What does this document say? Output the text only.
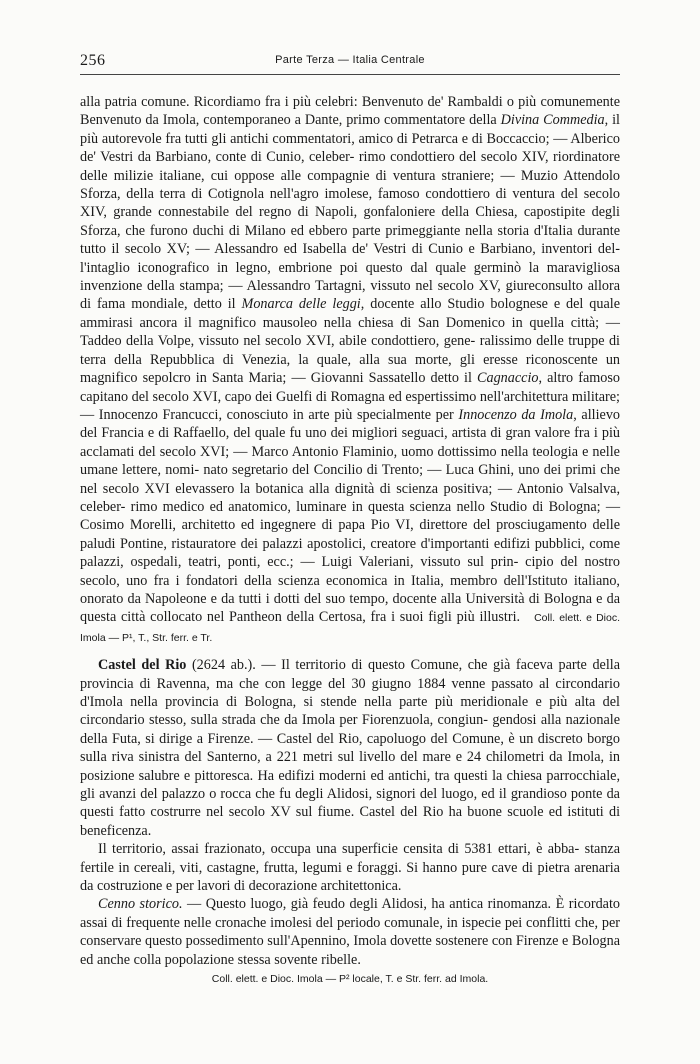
256	Parte Terza — Italia Centrale

alla patria comune. Ricordiamo fra i più celebri: Benvenuto de' Rambaldi o più comunemente Benvenuto da Imola, contemporaneo a Dante, primo commentatore della Divina Commedia, il più autorevole fra tutti gli antichi commentatori, amico di Petrarca e di Boccaccio; — Alberico de' Vestri da Barbiano, conte di Cunio, celeber- rimo condottiero del secolo XIV, riordinatore delle milizie italiane, cui oppose alle compagnie di ventura straniere; — Muzio Attendolo Sforza, della terra di Cotignola nell'agro imolese, famoso condottiero di ventura del secolo XIV, grande connestabile del regno di Napoli, gonfaloniere della Chiesa, capostipite degli Sforza, che furono duchi di Milano ed ebbero parte primeggiante nella storia d'Italia durante tutto il secolo XV; — Alessandro ed Isabella de' Vestri di Cunio e Barbiano, inventori del- l'intaglio iconografico in legno, embrione poi questo dal quale germinò la maravigliosa invenzione della stampa; — Alessandro Tartagni, vissuto nel secolo XV, giureconsulto allora di fama mondiale, detto il Monarca delle leggi, docente allo Studio bolognese e del quale ammirasi ancora il magnifico mausoleo nella chiesa di San Domenico in quella città; — Taddeo della Volpe, vissuto nel secolo XVI, abile condottiero, gene- ralissimo delle truppe di terra della Repubblica di Venezia, la quale, alla sua morte, gli eresse riconoscente un magnifico sepolcro in Santa Maria; — Giovanni Sassatello detto il Cagnaccio, altro famoso capitano del secolo XVI, capo dei Guelfi di Romagna ed espertissimo nell'architettura militare; — Innocenzo Francucci, conosciuto in arte più specialmente per Innocenzo da Imola, allievo del Francia e di Raffaello, del quale fu uno dei migliori seguaci, artista di gran valore fra i più acclamati del secolo XVI; — Marco Antonio Flaminio, uomo dottissimo nella teologia e nelle umane lettere, nomi- nato segretario del Concilio di Trento; — Luca Ghini, uno dei primi che nel secolo XVI elevassero la botanica alla dignità di scienza positiva; — Antonio Valsalva, celeber- rimo medico ed anatomico, luminare in questa scienza nello Studio di Bologna; — Cosimo Morelli, architetto ed ingegnere di papa Pio VI, direttore del prosciugamento delle paludi Pontine, ristauratore dei palazzi apostolici, creatore d'importanti edifizi pubblici, come palazzi, ospedali, teatri, ponti, ecc.; — Luigi Valeriani, vissuto sul prin- cipio del nostro secolo, uno fra i fondatori della scienza economica in Italia, membro dell'Istituto italiano, onorato da Napoleone e da tutti i dotti del suo tempo, docente alla Università di Bologna e da questa città collocato nel Pantheon della Certosa, fra i suoi figli più illustri. Coll. elett. e Dioc. Imola — P¹, T., Str. ferr. e Tr.

Castel del Rio (2624 ab.). — Il territorio di questo Comune, che già faceva parte della provincia di Ravenna, ma che con legge del 30 giugno 1884 venne passato al circondario d'Imola nella provincia di Bologna, si stende nella parte più meridionale e più alta del circondario stesso, sulla strada che da Imola per Fiorenzuola, congiun- gendosi alla nazionale della Futa, si dirige a Firenze. — Castel del Rio, capoluogo del Comune, è un discreto borgo sulla riva sinistra del Santerno, a 221 metri sul livello del mare e 24 chilometri da Imola, in posizione salubre e pittoresca. Ha edifizi moderni ed antichi, tra questi la chiesa parrocchiale, gli avanzi del palazzo o rocca che fu degli Alidosi, signori del luogo, ed il grandioso ponte da questi fatto costrurre nel secolo XV sul fiume. Castel del Rio ha buone scuole ed istituti di beneficenza.

Il territorio, assai frazionato, occupa una superficie censita di 5381 ettari, è abba- stanza fertile in cereali, viti, castagne, frutta, legumi e foraggi. Si hanno pure cave di pietra arenaria da costruzione e per lavori di decorazione architettonica.

Cenno storico. — Questo luogo, già feudo degli Alidosi, ha antica rinomanza. È ricordato assai di frequente nelle cronache imolesi del periodo comunale, in ispecie pei conflitti che, per conservare questo possedimento sull'Apennino, Imola dovette sostenere con Firenze e Bologna ed anche colla popolazione stessa sovente ribelle.

Coll. elett. e Dioc. Imola — P² locale, T. e Str. ferr. ad Imola.
